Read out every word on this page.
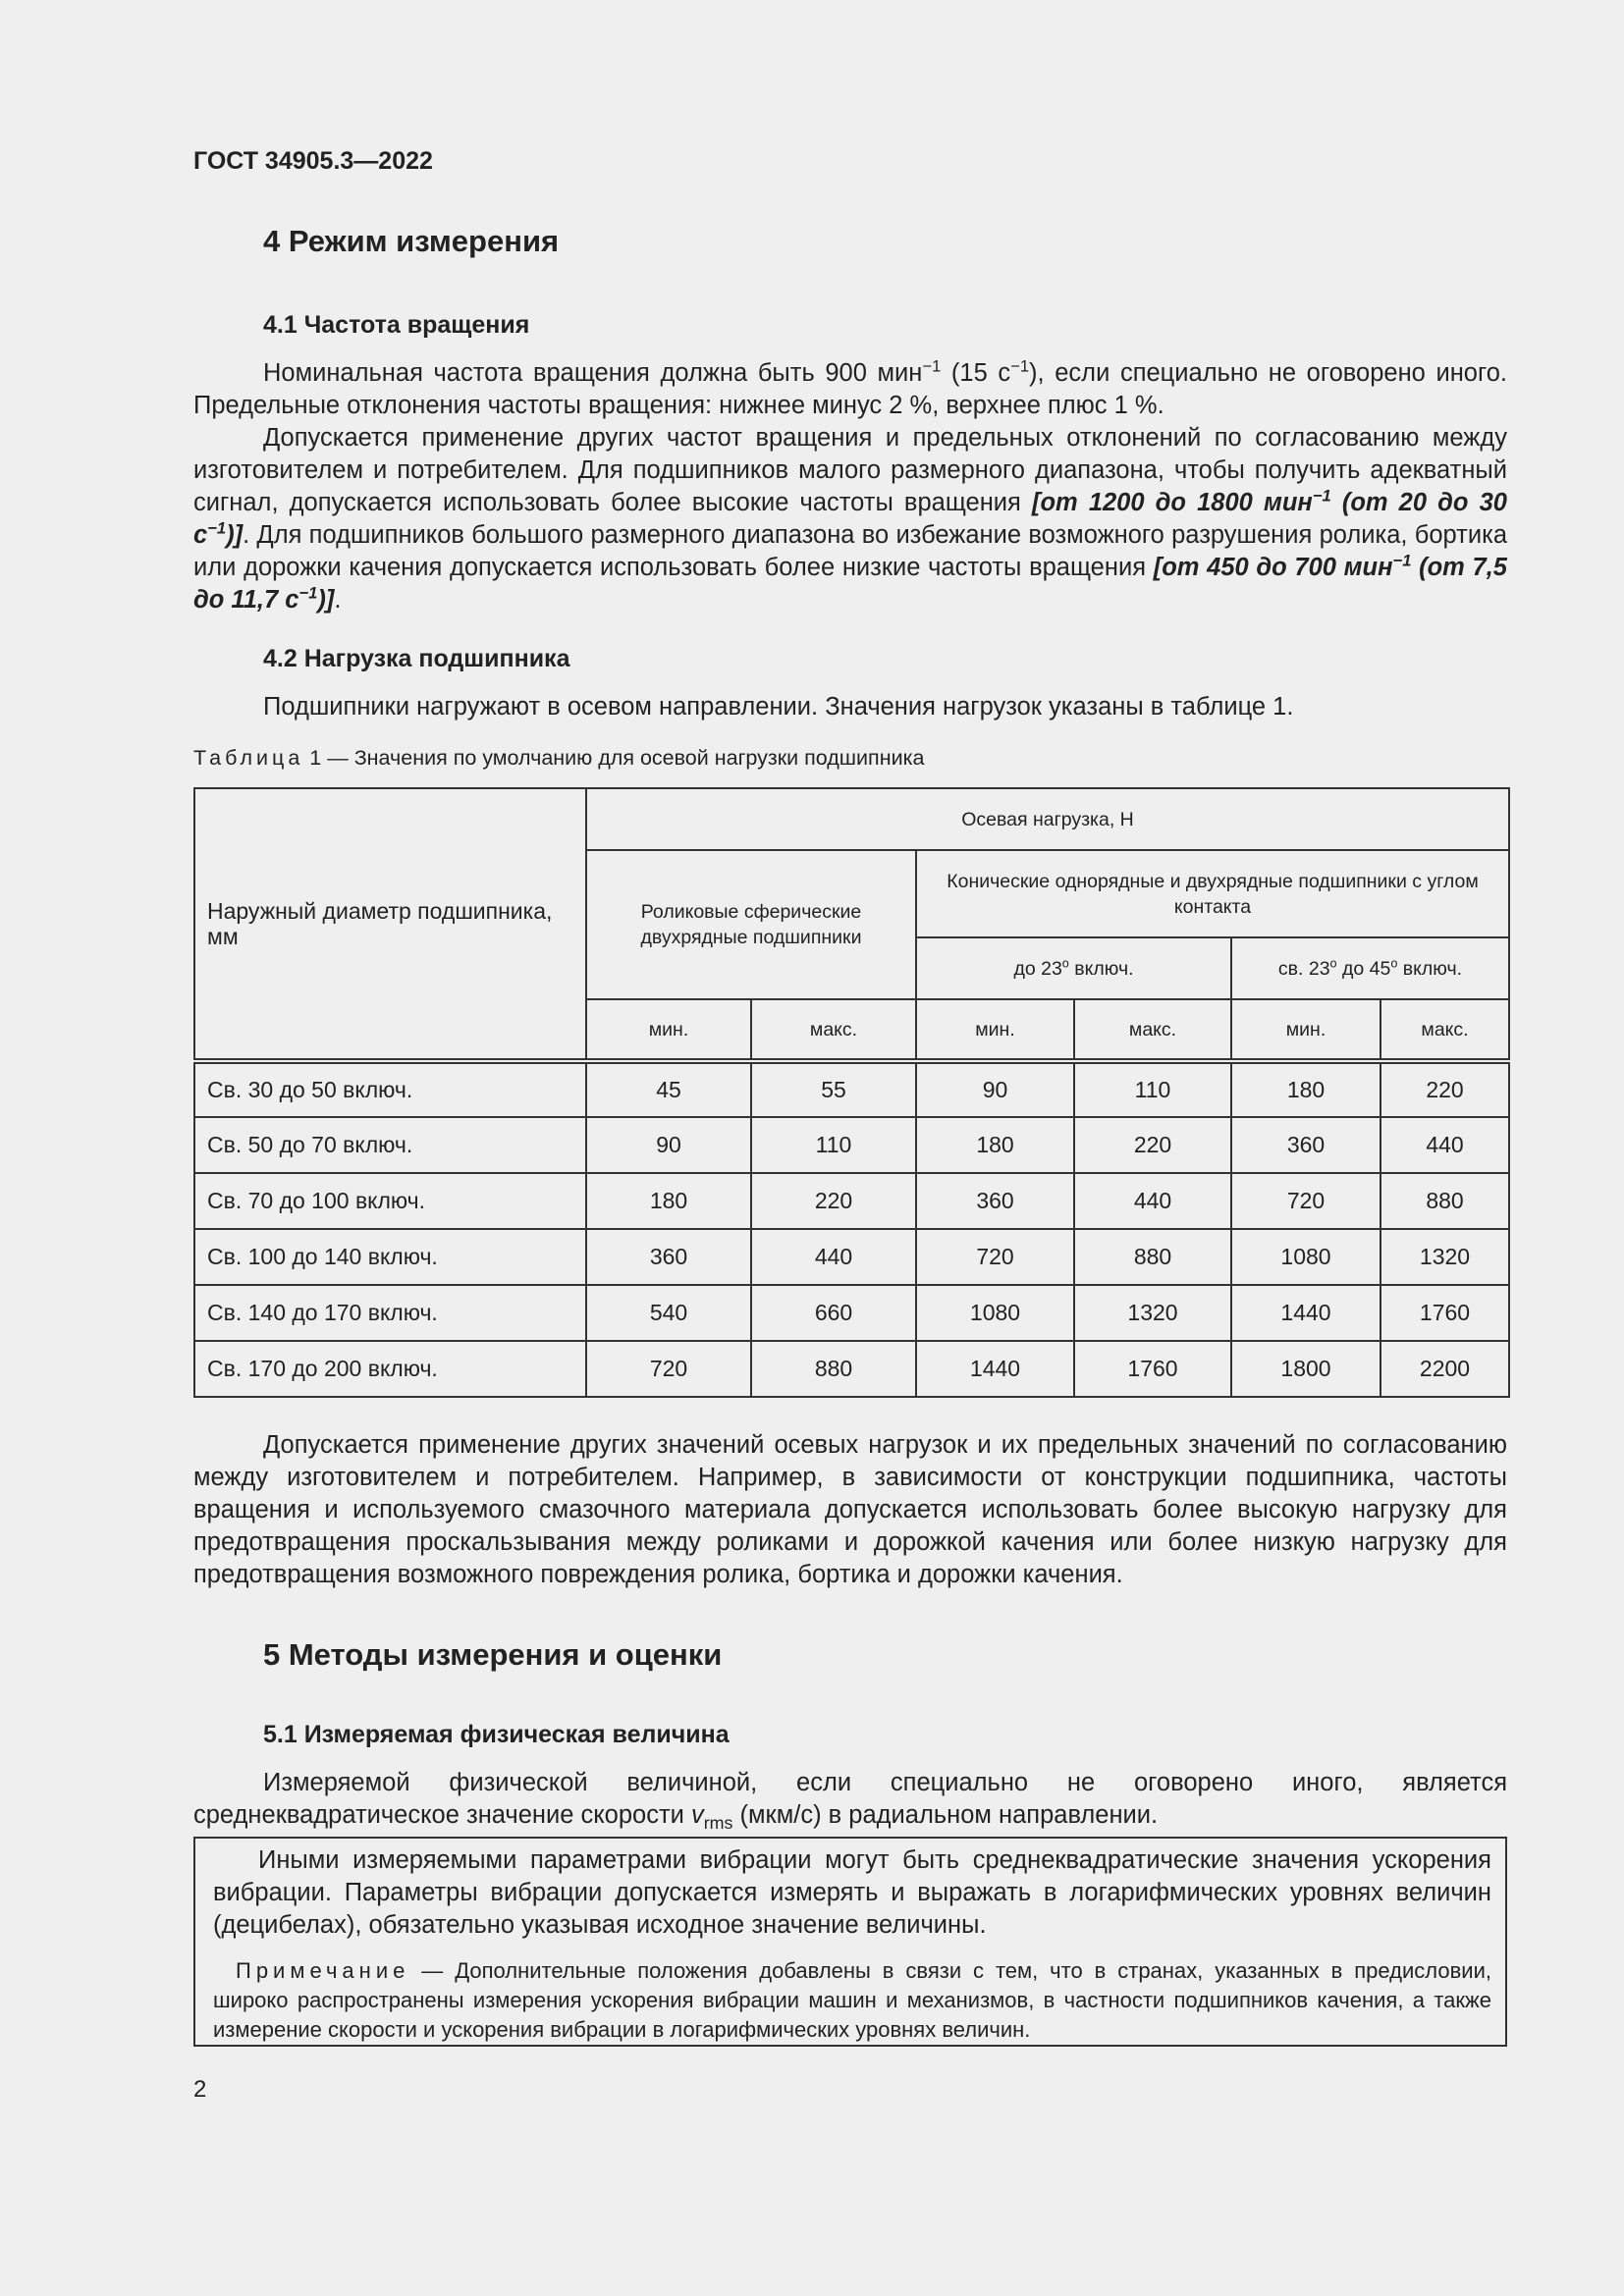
ГОСТ 34905.3—2022
4 Режим измерения
4.1 Частота вращения
Номинальная частота вращения должна быть 900 мин$^{-1}$ (15 $с^{-1}$), если специально не оговорено иного. Предельные отклонения частоты вращения: нижнее минус 2 %, верхнее плюс 1 %.
Допускается применение других частот вращения и предельных отклонений по согласованию между изготовителем и потребителем. Для подшипников малого размерного диапазона, чтобы получить адекватный сигнал, допускается использовать более высокие частоты вращения [от 1200 до 1800 мин$^{-1}$ (от 20 до 30 $с^{-1}$)]. Для подшипников большого размерного диапазона во избежание возможного разрушения ролика, бортика или дорожки качения допускается использовать более низкие частоты вращения [от 450 до 700 мин$^{-1}$ (от 7,5 до 11,7 $с^{-1}$)].
4.2 Нагрузка подшипника
Подшипники нагружают в осевом направлении. Значения нагрузок указаны в таблице 1.
Таблица 1 — Значения по умолчанию для осевой нагрузки подшипника
Наружный диаметр подшипника, мм	Осевая нагрузка, Н					
	Роликовые сферические двухрядные подшипники		Конические однорядные и двухрядные подшипники с углом контакта			
			до $23^о$ включ.		св. $23^о$ до $45^о$ включ.	
	мин.	макс.	мин.	макс.	мин.	макс.
Св. 30 до 50 включ.	45	55	90	110	180	220
Св. 50 до 70 включ.	90	110	180	220	360	440
Св. 70 до 100 включ.	180	220	360	440	720	880
Св. 100 до 140 включ.	360	440	720	880	1080	1320
Св. 140 до 170 включ.	540	660	1080	1320	1440	1760
Св. 170 до 200 включ.	720	880	1440	1760	1800	2200
Допускается применение других значений осевых нагрузок и их предельных значений по согласованию между изготовителем и потребителем. Например, в зависимости от конструкции подшипника, частоты вращения и используемого смазочного материала допускается использовать более высокую нагрузку для предотвращения проскальзывания между роликами и дорожкой качения или более низкую нагрузку для предотвращения возможного повреждения ролика, бортика и дорожки качения.
5 Методы измерения и оценки
5.1 Измеряемая физическая величина
Измеряемой физической величиной, если специально не оговорено иного, является среднеквадратическое значение скорости $v_{rms}$ (мкм/с) в радиальном направлении.
Иными измеряемыми параметрами вибрации могут быть среднеквадратические значения ускорения вибрации. Параметры вибрации допускается измерять и выражать в логарифмических уровнях величин (децибелах), обязательно указывая исходное значение величины.
Примечание — Дополнительные положения добавлены в связи с тем, что в странах, указанных в предисловии, широко распространены измерения ускорения вибрации машин и механизмов, в частности подшипников качения, а также измерение скорости и ускорения вибрации в логарифмических уровнях величин.
2
